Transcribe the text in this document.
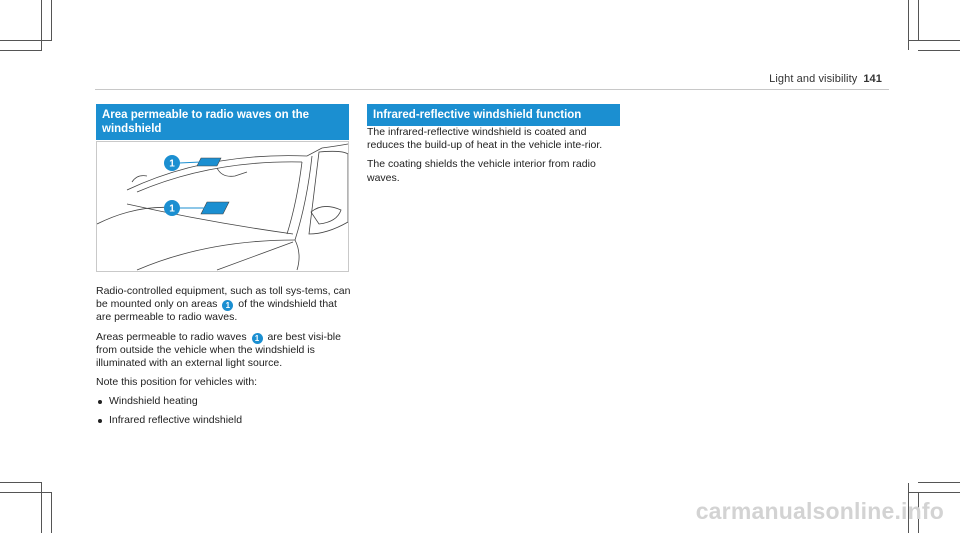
Light and visibility 141
Area permeable to radio waves on the windshield
1
1

Radio-controlled equipment, such as toll sys-tems, can be mounted only on areas 1 of the windshield that are permeable to radio waves.

Areas permeable to radio waves 1 are best visi-ble from outside the vehicle when the windshield is illuminated with an external light source.

Note this position for vehicles with:

Windshield heating
Infrared reflective windshield
Infrared-reflective windshield function

The infrared-reflective windshield is coated and reduces the build-up of heat in the vehicle inte-rior.

The coating shields the vehicle interior from radio waves.

carmanualsonline.info
